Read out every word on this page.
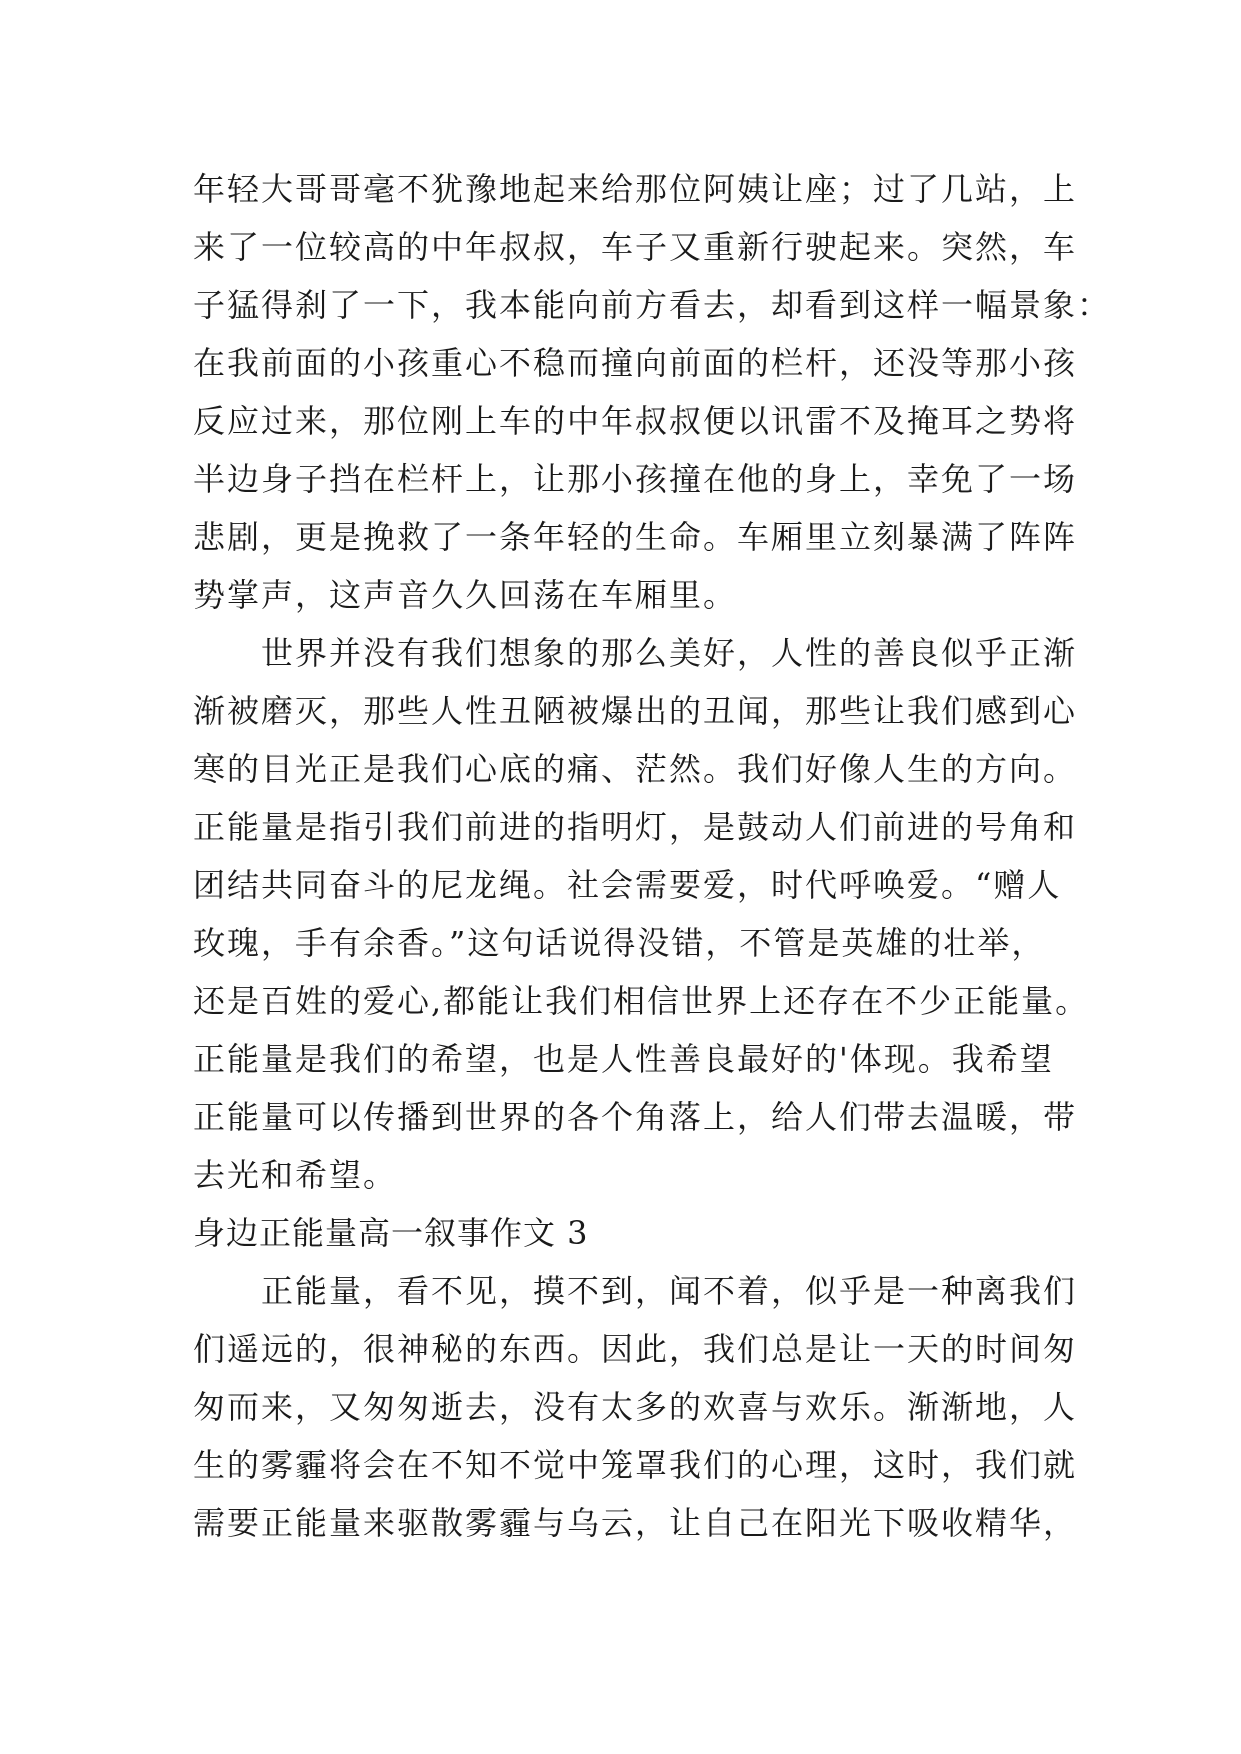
年轻大哥哥毫不犹豫地起来给那位阿姨让座；过了几站，上
来了一位较高的中年叔叔，车子又重新行驶起来。突然，车
子猛得刹了一下，我本能向前方看去，却看到这样一幅景象：
在我前面的小孩重心不稳而撞向前面的栏杆，还没等那小孩
反应过来，那位刚上车的中年叔叔便以讯雷不及掩耳之势将
半边身子挡在栏杆上，让那小孩撞在他的身上，幸免了一场
悲剧，更是挽救了一条年轻的生命。车厢里立刻暴满了阵阵
势掌声，这声音久久回荡在车厢里。
　　世界并没有我们想象的那么美好，人性的善良似乎正渐
渐被磨灭，那些人性丑陋被爆出的丑闻，那些让我们感到心
寒的目光正是我们心底的痛、茫然。我们好像人生的方向。
正能量是指引我们前进的指明灯，是鼓动人们前进的号角和
团结共同奋斗的尼龙绳。社会需要爱，时代呼唤爱。“赠人
玫瑰，手有余香。”这句话说得没错，不管是英雄的壮举，
还是百姓的爱心,都能让我们相信世界上还存在不少正能量。
正能量是我们的希望，也是人性善良最好的'体现。我希望
正能量可以传播到世界的各个角落上，给人们带去温暖，带
去光和希望。
身边正能量高一叙事作文 3
　　正能量，看不见，摸不到，闻不着，似乎是一种离我们
们遥远的，很神秘的东西。因此，我们总是让一天的时间匆
匆而来，又匆匆逝去，没有太多的欢喜与欢乐。渐渐地，人
生的雾霾将会在不知不觉中笼罩我们的心理，这时，我们就
需要正能量来驱散雾霾与乌云，让自己在阳光下吸收精华，
